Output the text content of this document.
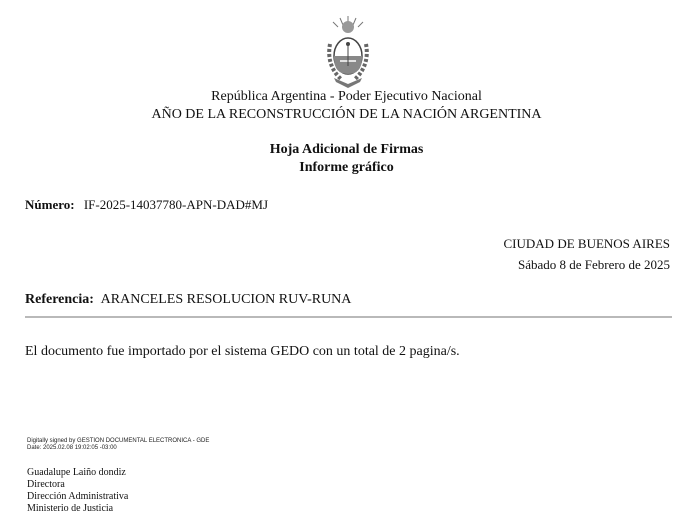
República Argentina - Poder Ejecutivo Nacional
AÑO DE LA RECONSTRUCCIÓN DE LA NACIÓN ARGENTINA
Hoja Adicional de Firmas
Informe gráfico
Número: IF-2025-14037780-APN-DAD#MJ
CIUDAD DE BUENOS AIRES
Sábado 8 de Febrero de 2025
Referencia: ARANCELES RESOLUCION RUV-RUNA
El documento fue importado por el sistema GEDO con un total de 2 pagina/s.
Digitally signed by GESTION DOCUMENTAL ELECTRONICA - GDE
Date: 2025.02.08 19:02:05 -03:00
Guadalupe Laiño dondiz
Directora
Dirección Administrativa
Ministerio de Justicia
